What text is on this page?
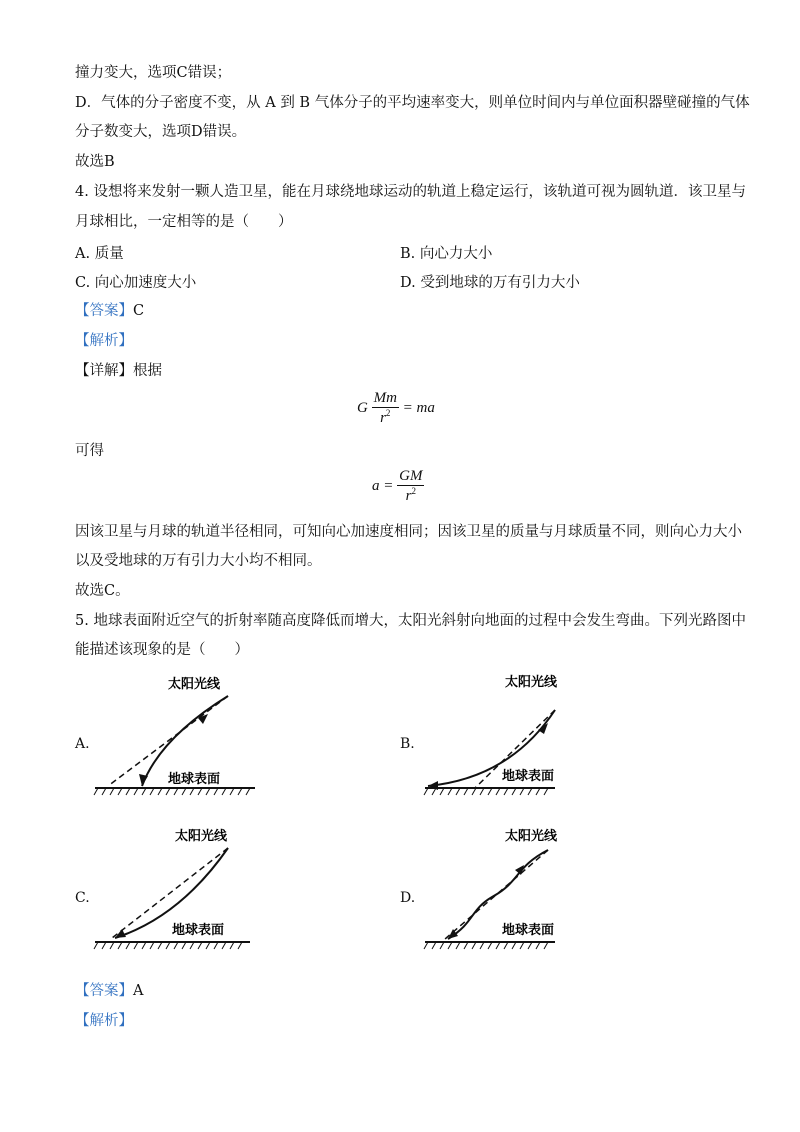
撞力变大，选项C错误；
D．气体的分子密度不变，从 A 到 B 气体分子的平均速率变大，则单位时间内与单位面积器壁碰撞的气体
分子数变大，选项D错误。
故选B
4. 设想将来发射一颗人造卫星，能在月球绕地球运动的轨道上稳定运行，该轨道可视为圆轨道．该卫星与
月球相比，一定相等的是（　　）
A. 质量	B. 向心力大小
C. 向心加速度大小	D. 受到地球的万有引力大小
【答案】C
【解析】
【详解】根据
G $\frac{Mm}{r^2}$ = ma
可得
$a = \frac{GM}{r^2}$
因该卫星与月球的轨道半径相同，可知向心加速度相同；因该卫星的质量与月球质量不同，则向心力大小
以及受地球的万有引力大小均不相同。
故选C。
5. 地球表面附近空气的折射率随高度降低而增大，太阳光斜射向地面的过程中会发生弯曲。下列光路图中
能描述该现象的是（　　）
A.
太阳光线
地球表面
B.
太阳光线
地球表面
C.
太阳光线
地球表面
D.
太阳光线
地球表面
【答案】A
【解析】
